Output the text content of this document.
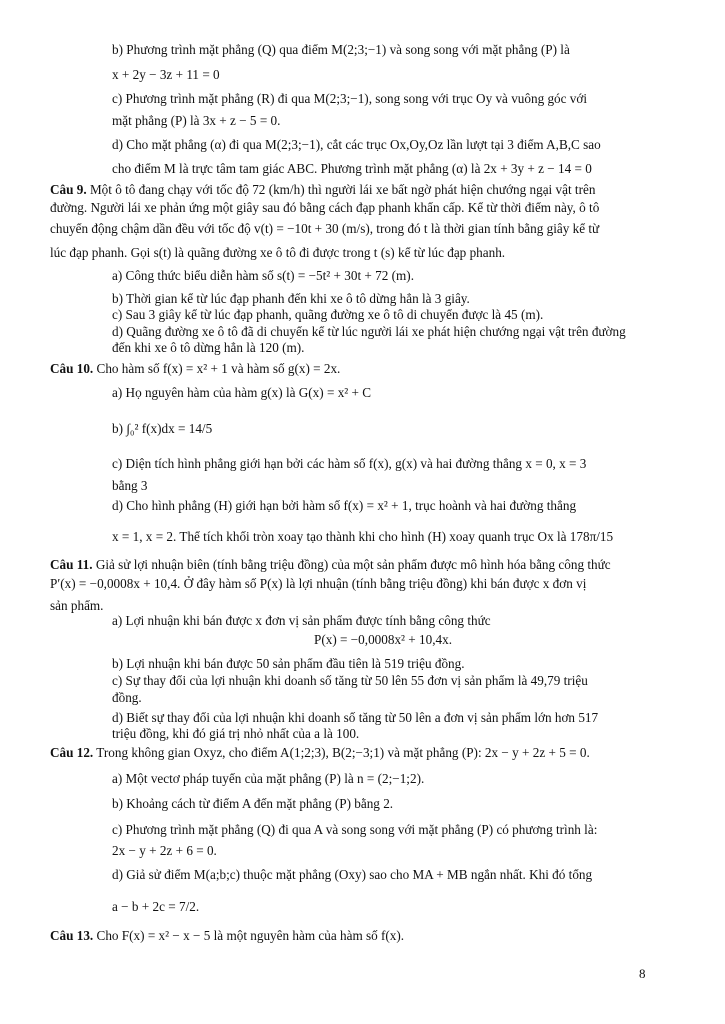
b) Phương trình mặt phẳng (Q) qua điểm M(2;3;−1) và song song với mặt phẳng (P) là
x + 2y − 3z + 11 = 0
c) Phương trình mặt phẳng (R) đi qua M(2;3;−1), song song với trục Oy và vuông góc với
mặt phẳng (P) là 3x + z − 5 = 0.
d) Cho mặt phẳng (α) đi qua M(2;3;−1), cắt các trục Ox,Oy,Oz lần lượt tại 3 điểm A,B,C sao
cho điểm M là trực tâm tam giác ABC. Phương trình mặt phẳng (α) là 2x + 3y + z − 14 = 0
Câu 9. Một ô tô đang chạy với tốc độ 72 (km/h) thì người lái xe bất ngờ phát hiện chướng ngại vật trên
đường. Người lái xe phản ứng một giây sau đó bằng cách đạp phanh khẩn cấp. Kể từ thời điểm này, ô tô
chuyển động chậm dần đều với tốc độ v(t) = −10t + 30 (m/s), trong đó t là thời gian tính bằng giây kể từ
lúc đạp phanh. Gọi s(t) là quãng đường xe ô tô đi được trong t (s) kể từ lúc đạp phanh.
a) Công thức biểu diễn hàm số s(t) = −5t² + 30t + 72 (m).
b) Thời gian kể từ lúc đạp phanh đến khi xe ô tô dừng hẳn là 3 giây.
c) Sau 3 giây kể từ lúc đạp phanh, quãng đường xe ô tô di chuyển được là 45 (m).
d) Quãng đường xe ô tô đã di chuyển kể từ lúc người lái xe phát hiện chướng ngại vật trên đường
đến khi xe ô tô dừng hẳn là 120 (m).
Câu 10. Cho hàm số f(x) = x² + 1 và hàm số g(x) = 2x.
a) Họ nguyên hàm của hàm g(x) là G(x) = x² + C
b) ∫₀² f(x)dx = 14/5
c) Diện tích hình phẳng giới hạn bởi các hàm số f(x), g(x) và hai đường thẳng x = 0, x = 3
bằng 3
d) Cho hình phẳng (H) giới hạn bởi hàm số f(x) = x² + 1, trục hoành và hai đường thẳng
x = 1, x = 2. Thể tích khối tròn xoay tạo thành khi cho hình (H) xoay quanh trục Ox là 178π/15
Câu 11. Giả sử lợi nhuận biên (tính bằng triệu đồng) của một sản phẩm được mô hình hóa bằng công thức
P′(x) = −0,0008x + 10,4. Ở đây hàm số P(x) là lợi nhuận (tính bằng triệu đồng) khi bán được x đơn vị
sản phẩm.
a) Lợi nhuận khi bán được x đơn vị sản phẩm được tính bằng công thức
P(x) = −0,0008x² + 10,4x.
b) Lợi nhuận khi bán được 50 sản phẩm đầu tiên là 519 triệu đồng.
c) Sự thay đổi của lợi nhuận khi doanh số tăng từ 50 lên 55 đơn vị sản phẩm là 49,79 triệu
đồng.
d) Biết sự thay đổi của lợi nhuận khi doanh số tăng từ 50 lên a đơn vị sản phẩm lớn hơn 517
triệu đồng, khi đó giá trị nhỏ nhất của a là 100.
Câu 12. Trong không gian Oxyz, cho điểm A(1;2;3), B(2;−3;1) và mặt phẳng (P): 2x − y + 2z + 5 = 0.
a) Một vectơ pháp tuyến của mặt phẳng (P) là n = (2;−1;2).
b) Khoảng cách từ điểm A đến mặt phẳng (P) bằng 2.
c) Phương trình mặt phẳng (Q) đi qua A và song song với mặt phẳng (P) có phương trình là:
2x − y + 2z + 6 = 0.
d) Giả sử điểm M(a;b;c) thuộc mặt phẳng (Oxy) sao cho MA + MB ngắn nhất. Khi đó tổng
a − b + 2c = 7/2.
Câu 13. Cho F(x) = x² − x − 5 là một nguyên hàm của hàm số f(x).
8
